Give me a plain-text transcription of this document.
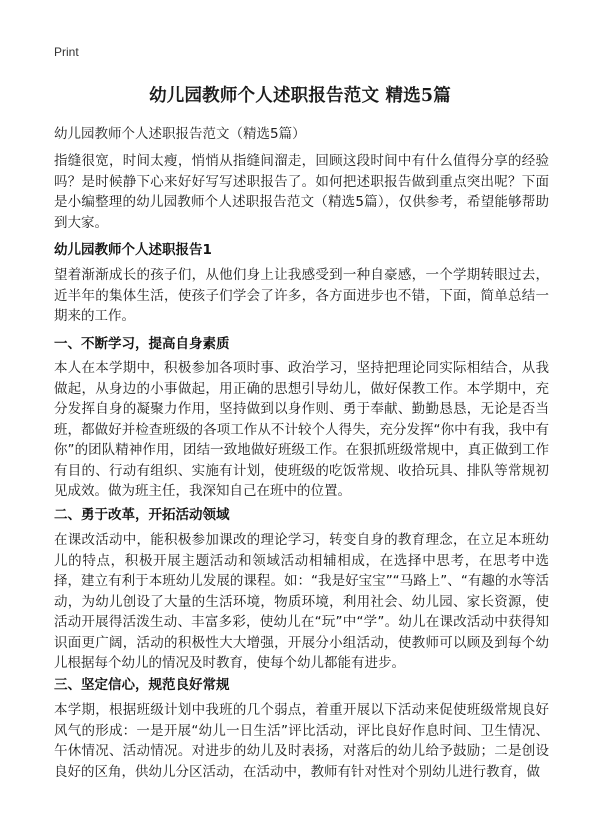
Print
幼儿园教师个人述职报告范文 精选5篇
幼儿园教师个人述职报告范文（精选5篇）
指缝很宽，时间太瘦，悄悄从指缝间溜走，回顾这段时间中有什么值得分享的经验吗？是时候静下心来好好写写述职报告了。如何把述职报告做到重点突出呢？下面是小编整理的幼儿园教师个人述职报告范文（精选5篇），仅供参考，希望能够帮助到大家。
幼儿园教师个人述职报告1
望着渐渐成长的孩子们，从他们身上让我感受到一种自豪感，一个学期转眼过去，近半年的集体生活，使孩子们学会了许多，各方面进步也不错，下面，简单总结一期来的工作。
一、不断学习，提高自身素质
本人在本学期中，积极参加各项时事、政治学习，坚持把理论同实际相结合，从我做起，从身边的小事做起，用正确的思想引导幼儿，做好保教工作。本学期中，充分发挥自身的凝聚力作用，坚持做到以身作则、勇于奉献、勤勤恳恳，无论是否当班，都做好并检查班级的各项工作从不计较个人得失，充分发挥“你中有我，我中有你”的团队精神作用，团结一致地做好班级工作。在狠抓班级常规中，真正做到工作有目的、行动有组织、实施有计划，使班级的吃饭常规、收拾玩具、排队等常规初见成效。做为班主任，我深知自己在班中的位置。
二、勇于改革，开拓活动领域
在课改活动中，能积极参加课改的理论学习，转变自身的教育理念，在立足本班幼儿的特点，积极开展主题活动和领域活动相辅相成，在选择中思考，在思考中选择，建立有利于本班幼儿发展的课程。如：“我是好宝宝”“马路上”、“有趣的水等活动，为幼儿创设了大量的生活环境，物质环境，利用社会、幼儿园、家长资源，使活动开展得活泼生动、丰富多彩，使幼儿在“玩”中“学”。幼儿在课改活动中获得知识面更广阔，活动的积极性大大增强，开展分小组活动，使教师可以顾及到每个幼儿根据每个幼儿的情况及时教育，使每个幼儿都能有进步。
三、坚定信心，规范良好常规
本学期，根据班级计划中我班的几个弱点，着重开展以下活动来促使班级常规良好风气的形成：一是开展“幼儿一日生活”评比活动，评比良好作息时间、卫生情况、午休情况、活动情况。对进步的幼儿及时表扬，对落后的幼儿给予鼓励；二是创设良好的区角，供幼儿分区活动，在活动中，教师有针对性对个别幼儿进行教育，做
